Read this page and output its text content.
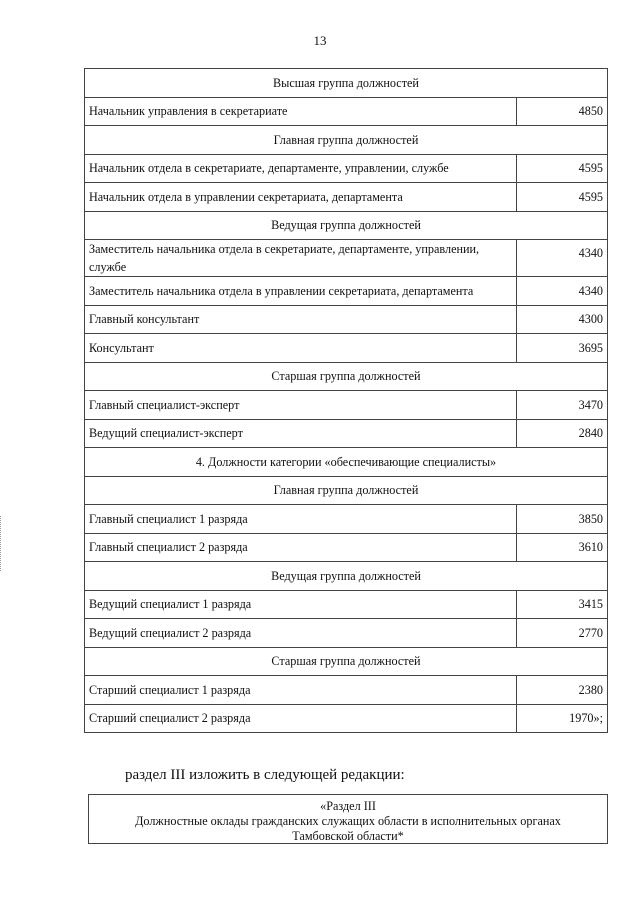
13
Высшая группа должностей	
Начальник управления в секретариате	4850
Главная группа должностей	
Начальник отдела в секретариате, департаменте, управлении, службе	4595
Начальник отдела в управлении секретариата, департамента	4595
Ведущая группа должностей	
Заместитель начальника отдела в секретариате, департаменте, управлении, службе	4340
Заместитель начальника отдела в управлении секретариата, департамента	4340
Главный консультант	4300
Консультант	3695
Старшая группа должностей	
Главный специалист-эксперт	3470
Ведущий специалист-эксперт	2840
4. Должности категории «обеспечивающие специалисты»	
Главная группа должностей	
Главный специалист 1 разряда	3850
Главный специалист 2 разряда	3610
Ведущая группа должностей	
Ведущий специалист 1 разряда	3415
Ведущий специалист 2 разряда	2770
Старшая группа должностей	
Старший специалист 1 разряда	2380
Старший специалист 2 разряда	1970»;
раздел III изложить в следующей редакции:
«Раздел III
Должностные оклады гражданских служащих области в исполнительных органах
Тамбовской области*
